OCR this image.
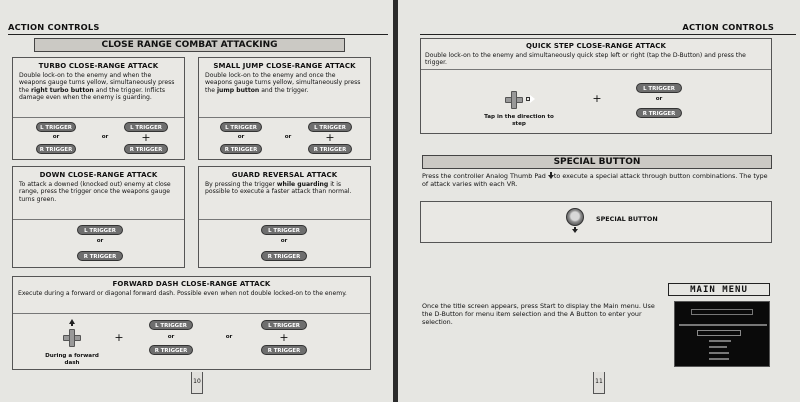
ACTION CONTROLS
CLOSE RANGE COMBAT ATTACKING
TURBO CLOSE-RANGE ATTACK
Double lock-on to the enemy and when the weapons gauge turns yellow, simultaneously press the right turbo button and the trigger. Inflicts damage even when the enemy is guarding.
L TRIGGER
or
R TRIGGER
or
L TRIGGER
+
R TRIGGER
SMALL JUMP CLOSE-RANGE ATTACK
Double lock-on to the enemy and once the weapons gauge turns yellow, simultaneously press the jump button and the trigger.
L TRIGGER
or
R TRIGGER
or
L TRIGGER
+
R TRIGGER
DOWN CLOSE-RANGE ATTACK
To attack a downed (knocked out) enemy at close range, press the trigger once the weapons gauge turns green.
L TRIGGER
or
R TRIGGER
GUARD REVERSAL ATTACK
By pressing the trigger while guarding it is possible to execute a faster attack than normal.
L TRIGGER
or
R TRIGGER
FORWARD DASH CLOSE-RANGE ATTACK
Execute during a forward or diagonal forward dash. Possible even when not double locked-on to the enemy.
During a forward dash
+
L TRIGGER
or
R TRIGGER
or
L TRIGGER
+
R TRIGGER
10
ACTION CONTROLS
QUICK STEP CLOSE-RANGE ATTACK
Double lock-on to the enemy and simultaneously quick step left or right (tap the D-Button) and press the trigger.
Tap in the direction to step
+
L TRIGGER
or
R TRIGGER
SPECIAL BUTTON
Press the controller Analog Thumb Pad
to execute a special attack through button combinations. The type of attack varies with each VR.
SPECIAL BUTTON
MAIN MENU
Once the title screen appears, press Start to display the Main menu. Use the D-Button for menu item selection and the A Button to enter your selection.
11
